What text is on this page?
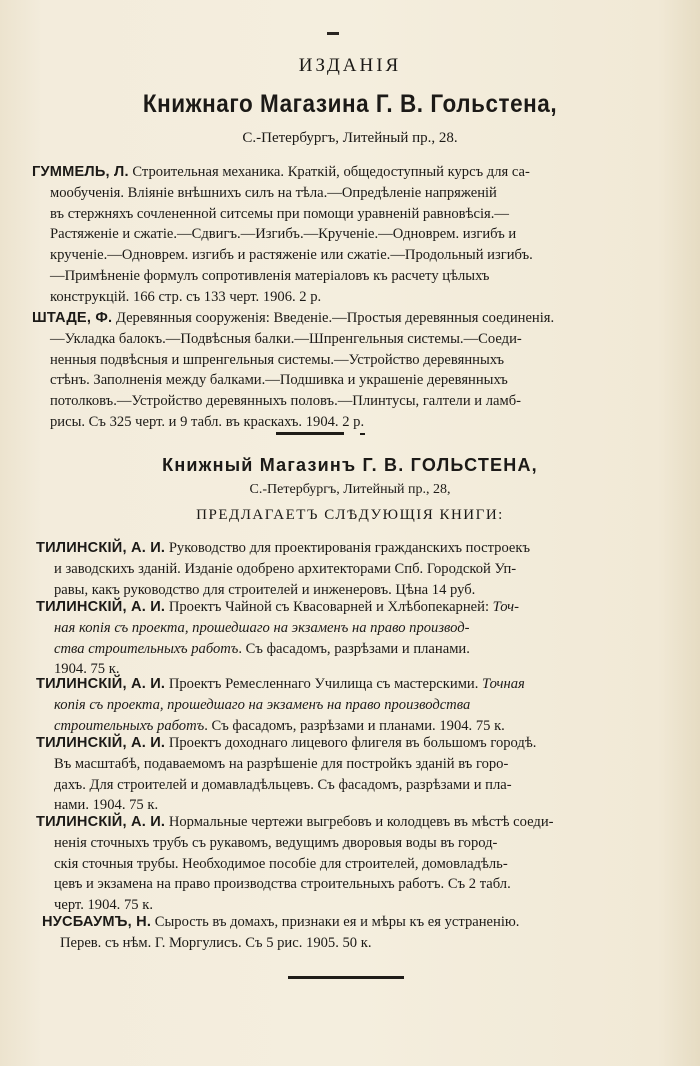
ИЗДАНІЯ
Книжнаго Магазина Г. В. Гольстена,
С.-Петербургъ, Литейный пр., 28.
ГУММЕЛЬ, Л. Строительная механика. Краткій, общедоступный курсъ для са-
мообученія. Вліяніе внѣшнихъ силъ на тѣла.—Опредѣленіе напряженій
въ стержняхъ сочлененной ситсемы при помощи уравненій равновѣсія.—
Растяженіе и сжатіе.—Сдвигъ.—Изгибъ.—Крученіе.—Одноврем. изгибъ и
крученіе.—Одноврем. изгибъ и растяженіе или сжатіе.—Продольный изгибъ.
—Примѣненіе формулъ сопротивленія матеріаловъ къ расчету цѣлыхъ
конструкцій. 166 стр. съ 133 черт. 1906. 2 р.
ШТАДЕ, Ф. Деревянныя сооруженія: Введеніе.—Простыя деревянныя соединенія.
—Укладка балокъ.—Подвѣсныя балки.—Шпренгельныя системы.—Соеди-
ненныя подвѣсныя и шпренгельныя системы.—Устройство деревянныхъ
стѣнъ. Заполненія между балками.—Подшивка и украшеніе деревянныхъ
потолковъ.—Устройство деревянныхъ половъ.—Плинтусы, галтели и ламб-
рисы. Съ 325 черт. и 9 табл. въ краскахъ. 1904. 2 р.
Книжный Магазинъ Г. В. ГОЛЬСТЕНА,
С.-Петербургъ, Литейный пр., 28,
ПРЕДЛАГАЕТЪ СЛѢДУЮЩІЯ КНИГИ:
ТИЛИНСКІЙ, А. И. Руководство для проектированія гражданскихъ построекъ
и заводскихъ зданій. Изданіе одобрено архитекторами Спб. Городской Уп-
равы, какъ руководство для строителей и инженеровъ. Цѣна 14 руб.
ТИЛИНСКІЙ, А. И. Проектъ Чайной съ Квасоварней и Хлѣбопекарней: Точ-
ная копія съ проекта, прошедшаго на экзаменъ на право производ-
ства строительныхъ работъ. Съ фасадомъ, разрѣзами и планами.
1904. 75 к.
ТИЛИНСКІЙ, А. И. Проектъ Ремесленнаго Училища съ мастерскими. Точная
копія съ проекта, прошедшаго на экзаменъ на право производства
строительныхъ работъ. Съ фасадомъ, разрѣзами и планами. 1904. 75 к.
ТИЛИНСКІЙ, А. И. Проектъ доходнаго лицевого флигеля въ большомъ городѣ.
Въ масштабѣ, подаваемомъ на разрѣшеніе для постройкъ зданій въ горо-
дахъ. Для строителей и домавладѣльцевъ. Съ фасадомъ, разрѣзами и пла-
нами. 1904. 75 к.
ТИЛИНСКІЙ, А. И. Нормальные чертежи выгребовъ и колодцевъ въ мѣстѣ соеди-
ненія сточныхъ трубъ съ рукавомъ, ведущимъ дворовыя воды въ город-
скія сточныя трубы. Необходимое пособіе для строителей, домовладѣль-
цевъ и экзамена на право производства строительныхъ работъ. Съ 2 табл.
черт. 1904. 75 к.
НУСБАУМЪ, Н. Сырость въ домахъ, признаки ея и мѣры къ ея устраненію.
Перев. съ нѣм. Г. Моргулисъ. Съ 5 рис. 1905. 50 к.
